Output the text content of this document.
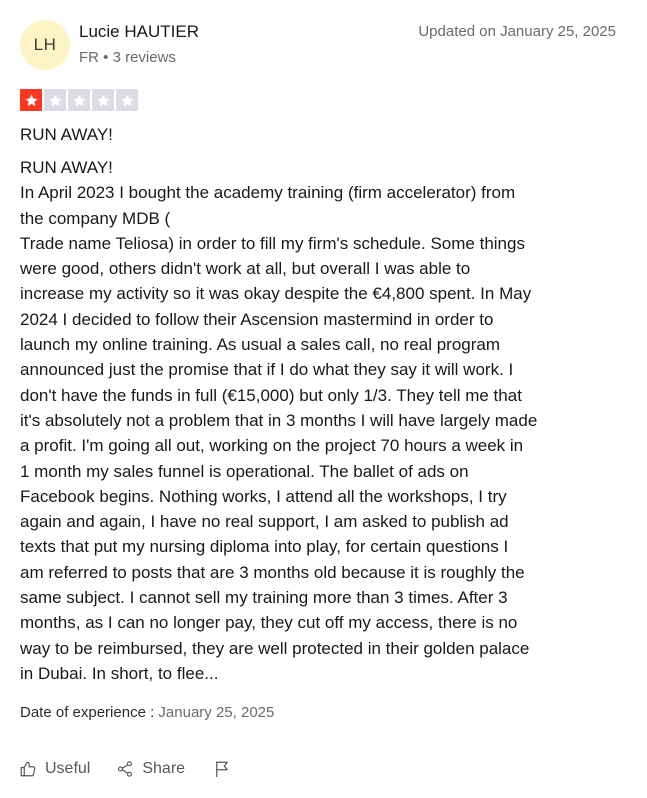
LH
Lucie HAUTIER
FR • 3 reviews
Updated on January 25, 2025
RUN AWAY!

RUN AWAY!

In April 2023 I bought the academy training (firm accelerator) from

the company MDB (

Trade name Teliosa) in order to fill my firm's schedule. Some things

were good, others didn't work at all, but overall I was able to

increase my activity so it was okay despite the €4,800 spent. In May

2024 I decided to follow their Ascension mastermind in order to

launch my online training. As usual a sales call, no real program

announced just the promise that if I do what they say it will work. I

don't have the funds in full (€15,000) but only 1/3. They tell me that

it's absolutely not a problem that in 3 months I will have largely made

a profit. I'm going all out, working on the project 70 hours a week in

1 month my sales funnel is operational. The ballet of ads on

Facebook begins. Nothing works, I attend all the workshops, I try

again and again, I have no real support, I am asked to publish ad

texts that put my nursing diploma into play, for certain questions I

am referred to posts that are 3 months old because it is roughly the

same subject. I cannot sell my training more than 3 times. After 3

months, as I can no longer pay, they cut off my access, there is no

way to be reimbursed, they are well protected in their golden palace

in Dubai. In short, to flee...

Date of experience : January 25, 2025
Useful	Share
